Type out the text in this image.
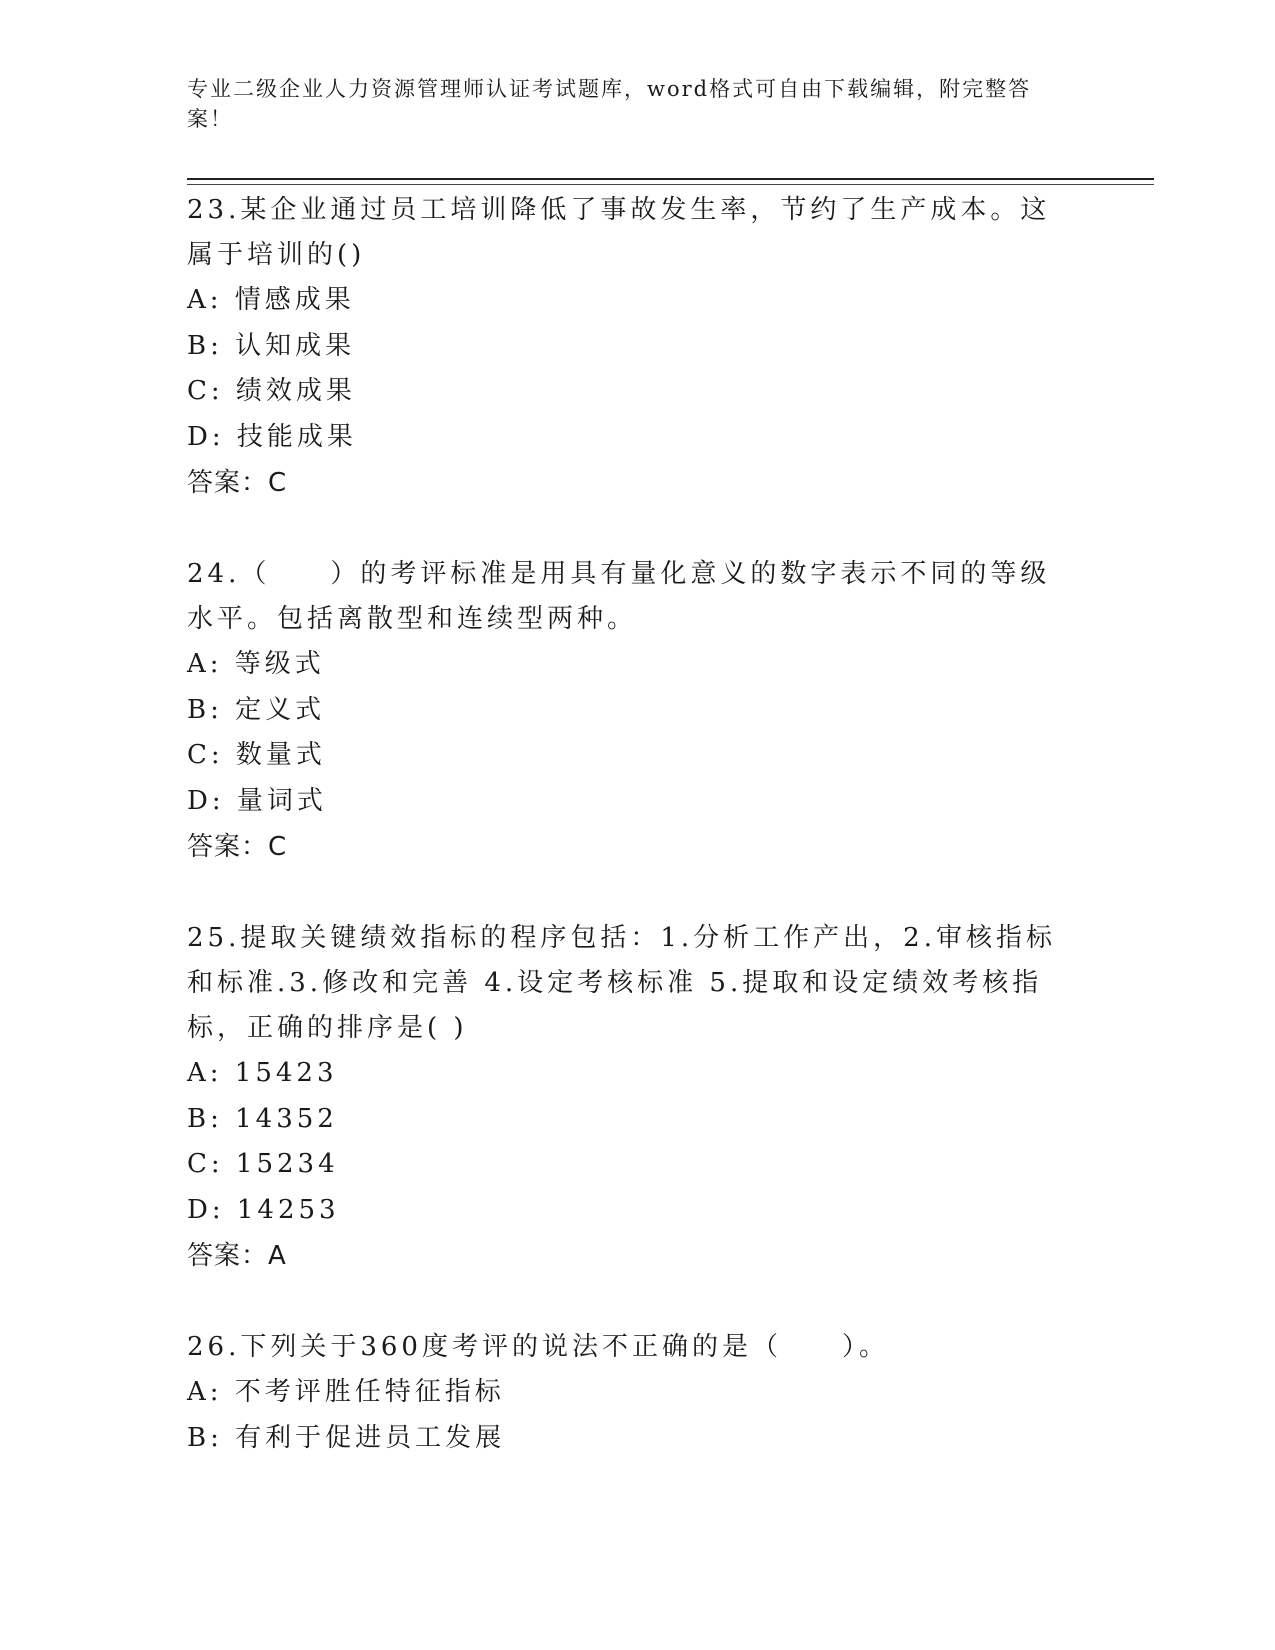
专业二级企业人力资源管理师认证考试题库，word格式可自由下载编辑，附完整答案！

23.某企业通过员工培训降低了事故发生率，节约了生产成本。这属于培训的()

A: 情感成果
B: 认知成果
C: 绩效成果
D: 技能成果
答案：C

24.（　　）的考评标准是用具有量化意义的数字表示不同的等级水平。包括离散型和连续型两种。

A: 等级式
B: 定义式
C: 数量式
D: 量词式
答案：C

25.提取关键绩效指标的程序包括：1.分析工作产出，2.审核指标和标准.3.修改和完善 4.设定考核标准 5.提取和设定绩效考核指标，正确的排序是( )

A: 15423
B: 14352
C: 15234
D: 14253
答案：A

26.下列关于360度考评的说法不正确的是（　　）。

A: 不考评胜任特征指标
B: 有利于促进员工发展
